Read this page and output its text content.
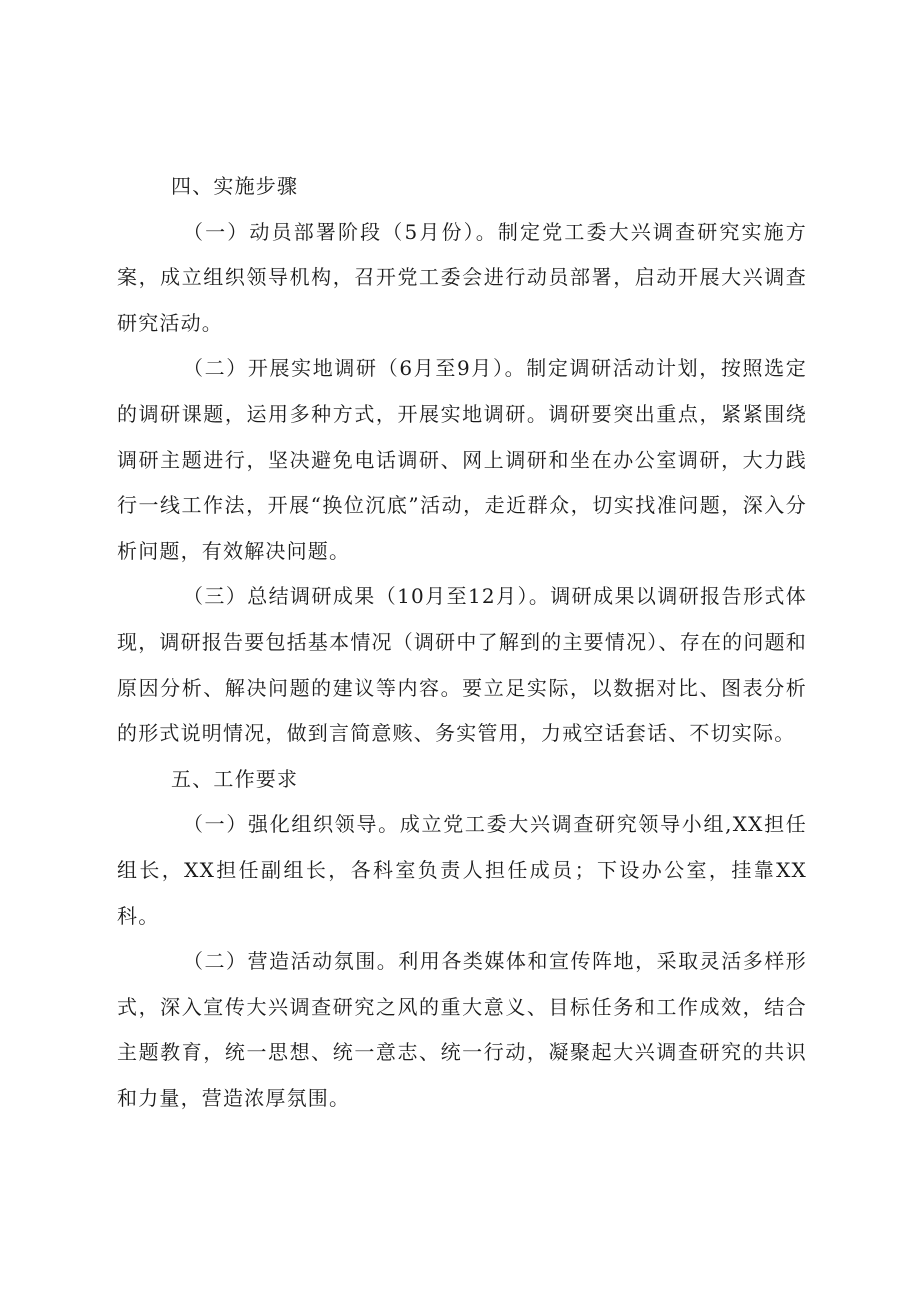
四、实施步骤

（一）动员部署阶段（5月份）。制定党工委大兴调查研究实施方案，成立组织领导机构，召开党工委会进行动员部署，启动开展大兴调查研究活动。

（二）开展实地调研（6月至9月）。制定调研活动计划，按照选定的调研课题，运用多种方式，开展实地调研。调研要突出重点，紧紧围绕调研主题进行，坚决避免电话调研、网上调研和坐在办公室调研，大力践行一线工作法，开展“换位沉底”活动，走近群众，切实找准问题，深入分析问题，有效解决问题。

（三）总结调研成果（10月至12月）。调研成果以调研报告形式体现，调研报告要包括基本情况（调研中了解到的主要情况）、存在的问题和原因分析、解决问题的建议等内容。要立足实际，以数据对比、图表分析的形式说明情况，做到言简意赅、务实管用，力戒空话套话、不切实际。

五、工作要求

（一）强化组织领导。成立党工委大兴调查研究领导小组,XX担任组长，XX担任副组长，各科室负责人担任成员；下设办公室，挂靠XX科。

（二）营造活动氛围。利用各类媒体和宣传阵地，采取灵活多样形式，深入宣传大兴调查研究之风的重大意义、目标任务和工作成效，结合主题教育，统一思想、统一意志、统一行动，凝聚起大兴调查研究的共识和力量，营造浓厚氛围。
